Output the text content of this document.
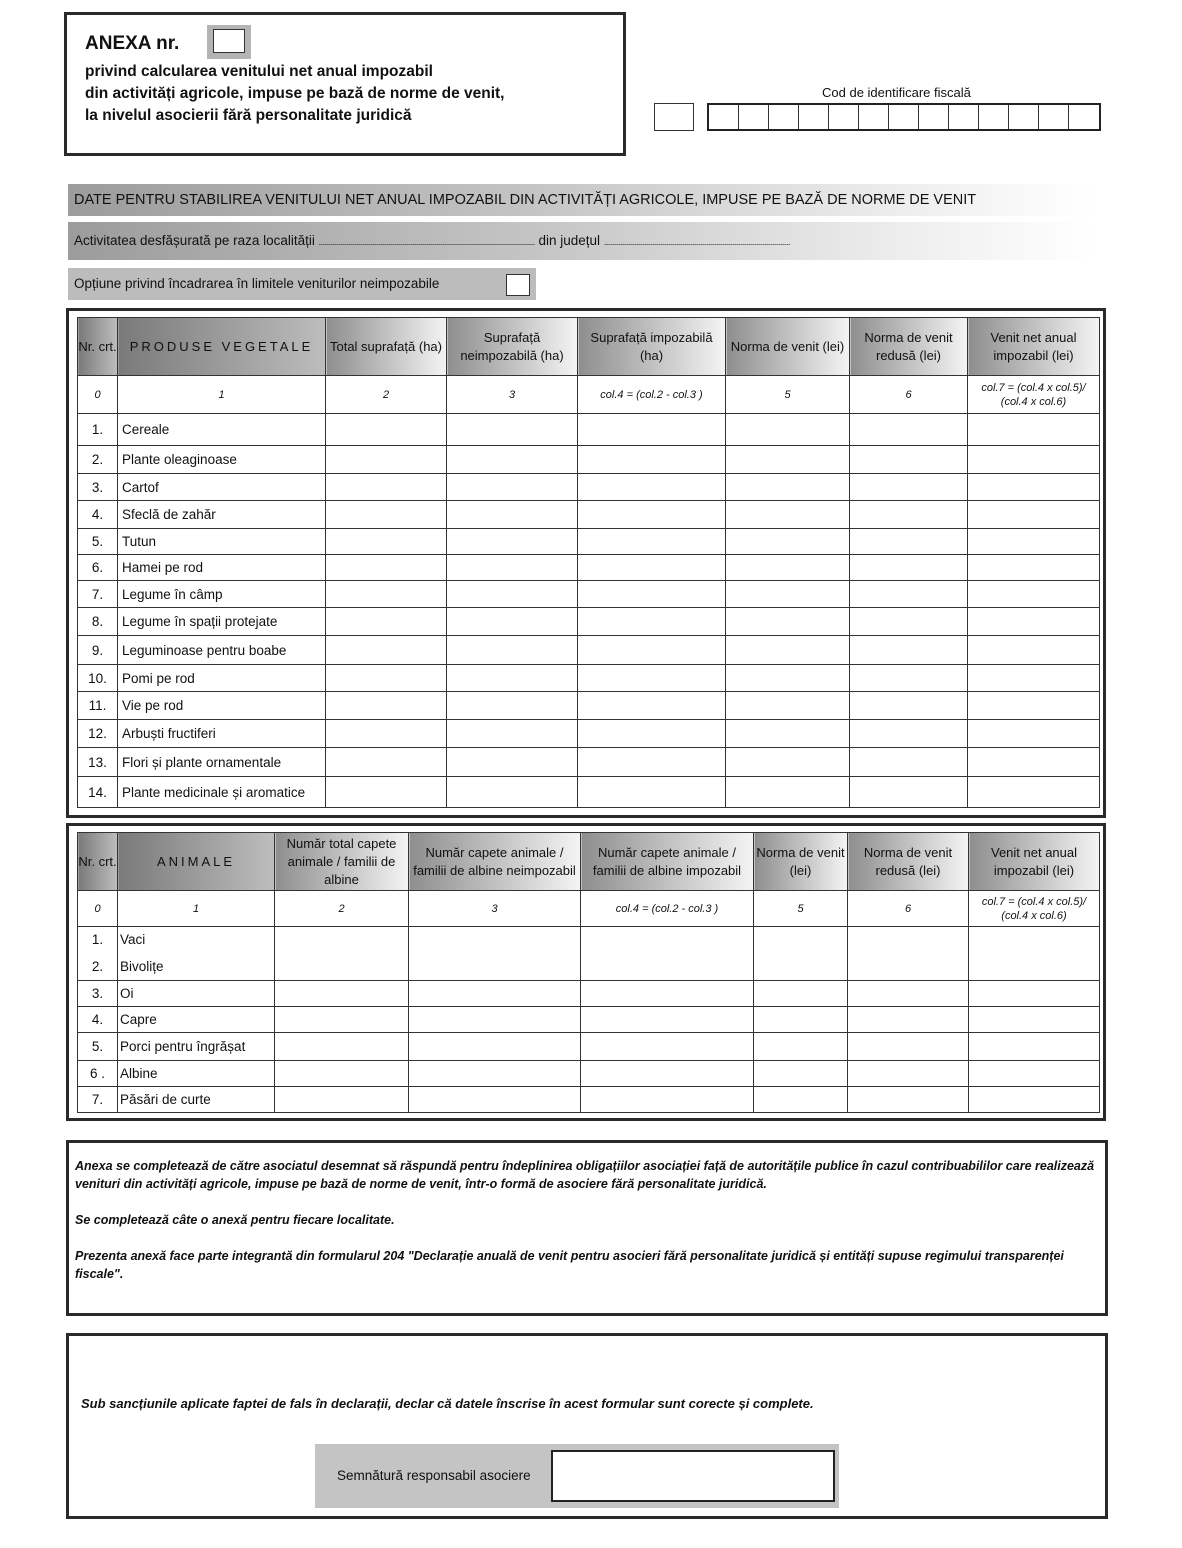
ANEXA nr.
privind calcularea venitului net anual impozabil
din activități agricole, impuse pe bază de norme de venit,
la nivelul asocierii fără personalitate juridică
Cod de identificare fiscală
DATE PENTRU STABILIREA VENITULUI NET ANUAL IMPOZABIL DIN ACTIVITĂȚI AGRICOLE, IMPUSE PE BAZĂ DE NORME DE VENIT
Activitatea desfășurată pe raza localității ............................................................................................................ din județul .............................................................................................
Opțiune privind încadrarea în limitele veniturilor neimpozabile
Nr. crt.	PRODUSE VEGETALE	Total suprafață (ha)	Suprafață neimpozabilă (ha)	Suprafață impozabilă (ha)	Norma de venit (lei)	Norma de venit redusă (lei)	Venit net anual impozabil (lei)
0	1	2	3	col.4 = (col.2 - col.3 )	5	6	col.7 = (col.4 x col.5)/ (col.4 x col.6)
1.	Cereale						
2.	Plante oleaginoase						
3.	Cartof						
4.	Sfeclă de zahăr						
5.	Tutun						
6.	Hamei pe rod						
7.	Legume în câmp						
8.	Legume în spații protejate						
9.	Leguminoase pentru boabe						
10.	Pomi pe rod						
11.	Vie pe rod						
12.	Arbuști fructiferi						
13.	Flori și plante ornamentale						
14.	Plante medicinale și aromatice						
Nr. crt.	ANIMALE	Număr total capete animale / familii de albine	Număr capete animale / familii de albine neimpozabil	Număr capete animale / familii de albine impozabil	Norma de venit (lei)	Norma de venit redusă (lei)	Venit net anual impozabil (lei)
0	1	2	3	col.4 = (col.2 - col.3 )	5	6	col.7 = (col.4 x col.5)/ (col.4 x col.6)
1.	Vaci						
2.	Bivolițe						
3.	Oi						
4.	Capre						
5.	Porci pentru îngrășat						
6 .	Albine						
7.	Păsări de curte						

Anexa se completează de către asociatul desemnat să răspundă pentru îndeplinirea obligațiilor asociației față de autoritățile publice în cazul contribuabililor care realizează venituri din activități agricole, impuse pe bază de norme de venit, într-o formă de asociere fără personalitate juridică.

Se completează câte o anexă pentru fiecare localitate.

Prezenta anexă face parte integrantă din formularul 204 "Declarație anuală de venit pentru asocieri fără personalitate juridică și entități supuse regimului transparenței fiscale".

Sub sancțiunile aplicate faptei de fals în declarații, declar că datele înscrise în acest formular sunt corecte și complete.
Semnătură responsabil asociere
